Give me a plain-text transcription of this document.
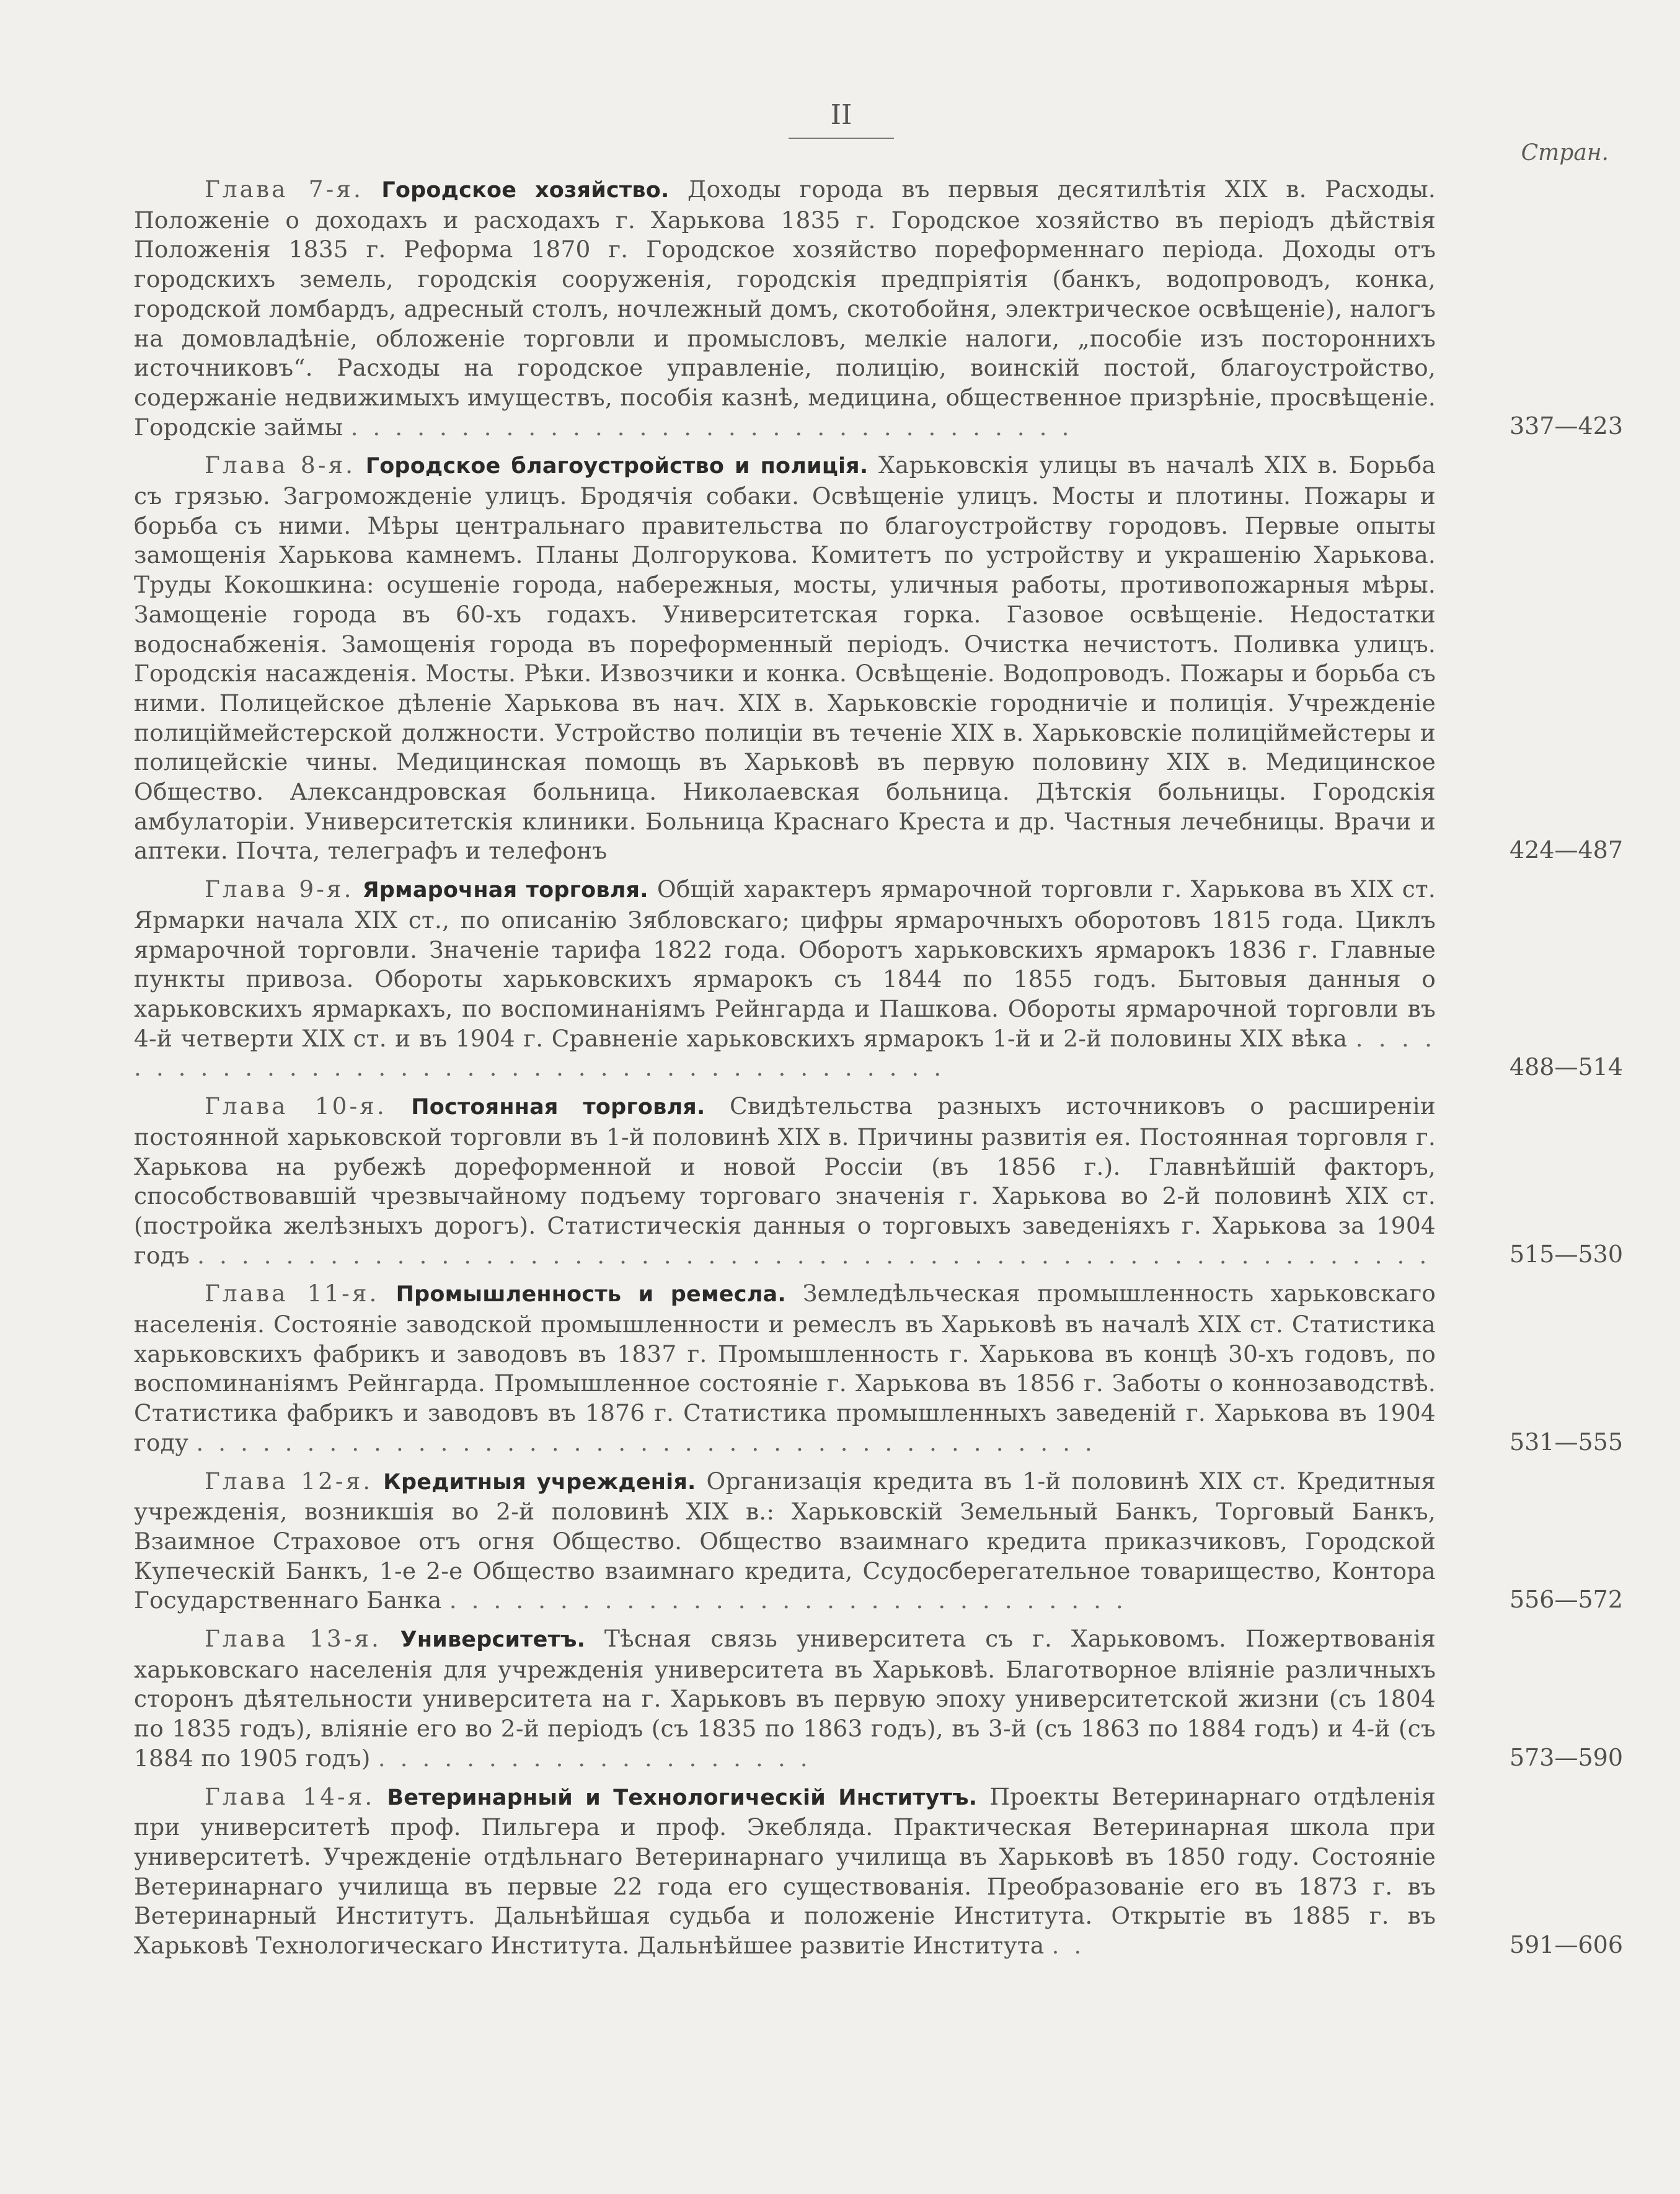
II
Стран.
Глава 7-я. Городское хозяйство. Доходы города въ первыя десятилѣтія XIX в. Расходы. Положеніе о доходахъ и расходахъ г. Харькова 1835 г. Городское хозяйство въ періодъ дѣйствія Положенія 1835 г. Реформа 1870 г. Городское хозяйство пореформеннаго періода. Доходы отъ городскихъ земель, городскія сооруженія, городскія предпріятія (банкъ, водопроводъ, конка, городской ломбардъ, адресный столъ, ночлежный домъ, скотобойня, электрическое освѣщеніе), налогъ на домовладѣніе, обложеніе торговли и промысловъ, мелкіе налоги, „пособіе изъ постороннихъ источниковъ“. Расходы на городское управленіе, полицію, воинскій постой, благоустройство, содержаніе недвижимыхъ имуществъ, пособія казнѣ, медицина, общественное призрѣніе, просвѣщеніе. Городскіе займы . . . . . . . . . . . . . . . . . . . . . . . . . . . . . . . . .	337—423
Глава 8-я. Городское благоустройство и полиція. Харьковскія улицы въ началѣ XIX в. Борьба съ грязью. Загроможденіе улицъ. Бродячія собаки. Освѣщеніе улицъ. Мосты и плотины. Пожары и борьба съ ними. Мѣры центральнаго правительства по благоустройству городовъ. Первые опыты замощенія Харькова камнемъ. Планы Долгорукова. Комитетъ по устройству и украшенію Харькова. Труды Кокошкина: осушеніе города, набережныя, мосты, уличныя работы, противопожарныя мѣры. Замощеніе города въ 60-хъ годахъ. Университетская горка. Газовое освѣщеніе. Недостатки водоснабженія. Замощенія города въ пореформенный періодъ. Очистка нечистотъ. Поливка улицъ. Городскія насажденія. Мосты. Рѣки. Извозчики и конка. Освѣщеніе. Водопроводъ. Пожары и борьба съ ними. Полицейское дѣленіе Харькова въ нач. XIX в. Харьковскіе городничіе и полиція. Учрежденіе полиціймейстерской должности. Устройство полиціи въ теченіе XIX в. Харьковскіе полиціймейстеры и полицейскіе чины. Медицинская помощь въ Харьковѣ въ первую половину XIX в. Медицинское Общество. Александровская больница. Николаевская больница. Дѣтскія больницы. Городскія амбулаторіи. Университетскія клиники. Больница Краснаго Креста и др. Частныя лечебницы. Врачи и аптеки. Почта, телеграфъ и телефонъ	424—487
Глава 9-я. Ярмарочная торговля. Общій характеръ ярмарочной торговли г. Харькова въ XIX ст. Ярмарки начала XIX ст., по описанію Зябловскаго; цифры ярмарочныхъ оборотовъ 1815 года. Циклъ ярмарочной торговли. Значеніе тарифа 1822 года. Оборотъ харьковскихъ ярмарокъ 1836 г. Главные пункты привоза. Обороты харьковскихъ ярмарокъ съ 1844 по 1855 годъ. Бытовыя данныя о харьковскихъ ярмаркахъ, по воспоминаніямъ Рейнгарда и Пашкова. Обороты ярмарочной торговли въ 4-й четверти XIX ст. и въ 1904 г. Сравненіе харьковскихъ ярмарокъ 1-й и 2-й половины XIX вѣка . . . . . . . . . . . . . . . . . . . . . . . . . . . . . . . . . . . . . . . . .	488—514
Глава 10-я. Постоянная торговля. Свидѣтельства разныхъ источниковъ о расширеніи постоянной харьковской торговли въ 1-й половинѣ XIX в. Причины развитія ея. Постоянная торговля г. Харькова на рубежѣ дореформенной и новой Россіи (въ 1856 г.). Главнѣйшій факторъ, способствовавшій чрезвычайному подъему торговаго значенія г. Харькова во 2-й половинѣ XIX ст. (постройка желѣзныхъ дорогъ). Статистическія данныя о торговыхъ заведеніяхъ г. Харькова за 1904 годъ . . . . . . . . . . . . . . . . . . . . . . . . . . . . . . . . . . . . . . . . . . . . . . . . . . . . . . . .	515—530
Глава 11-я. Промышленность и ремесла. Земледѣльческая промышленность харьковскаго населенія. Состояніе заводской промышленности и ремеслъ въ Харьковѣ въ началѣ XIX ст. Статистика харьковскихъ фабрикъ и заводовъ въ 1837 г. Промышленность г. Харькова въ концѣ 30-хъ годовъ, по воспоминаніямъ Рейнгарда. Промышленное состояніе г. Харькова въ 1856 г. Заботы о коннозаводствѣ. Статистика фабрикъ и заводовъ въ 1876 г. Статистика промышленныхъ заведеній г. Харькова въ 1904 году . . . . . . . . . . . . . . . . . . . . . . . . . . . . . . . . . . . . . . . . .	531—555
Глава 12-я. Кредитныя учрежденія. Организація кредита въ 1-й половинѣ XIX ст. Кредитныя учрежденія, возникшія во 2-й половинѣ XIX в.: Харьковскій Земельный Банкъ, Торговый Банкъ, Взаимное Страховое отъ огня Общество. Общество взаимнаго кредита приказчиковъ, Городской Купеческій Банкъ, 1-е 2-е Общество взаимнаго кредита, Ссудосберегательное товарищество, Контора Государственнаго Банка . . . . . . . . . . . . . . . . . . . . . . . . . . . . . . .	556—572
Глава 13-я. Университетъ. Тѣсная связь университета съ г. Харьковомъ. Пожертвованія харьковскаго населенія для учрежденія университета въ Харьковѣ. Благотворное вліяніе различныхъ сторонъ дѣятельности университета на г. Харьковъ въ первую эпоху университетской жизни (съ 1804 по 1835 годъ), вліяніе его во 2-й періодъ (съ 1835 по 1863 годъ), въ 3-й (съ 1863 по 1884 годъ) и 4-й (съ 1884 по 1905 годъ) . . . . . . . . . . . . . . . . . . . .	573—590
Глава 14-я. Ветеринарный и Технологическій Институтъ. Проекты Ветеринарнаго отдѣленія при университетѣ проф. Пильгера и проф. Экебляда. Практическая Ветеринарная школа при университетѣ. Учрежденіе отдѣльнаго Ветеринарнаго училища въ Харьковѣ въ 1850 году. Состояніе Ветеринарнаго училища въ первые 22 года его существованія. Преобразованіе его въ 1873 г. въ Ветеринарный Институтъ. Дальнѣйшая судьба и положеніе Института. Открытіе въ 1885 г. въ Харьковѣ Технологическаго Института. Дальнѣйшее развитіе Института . .	591—606
